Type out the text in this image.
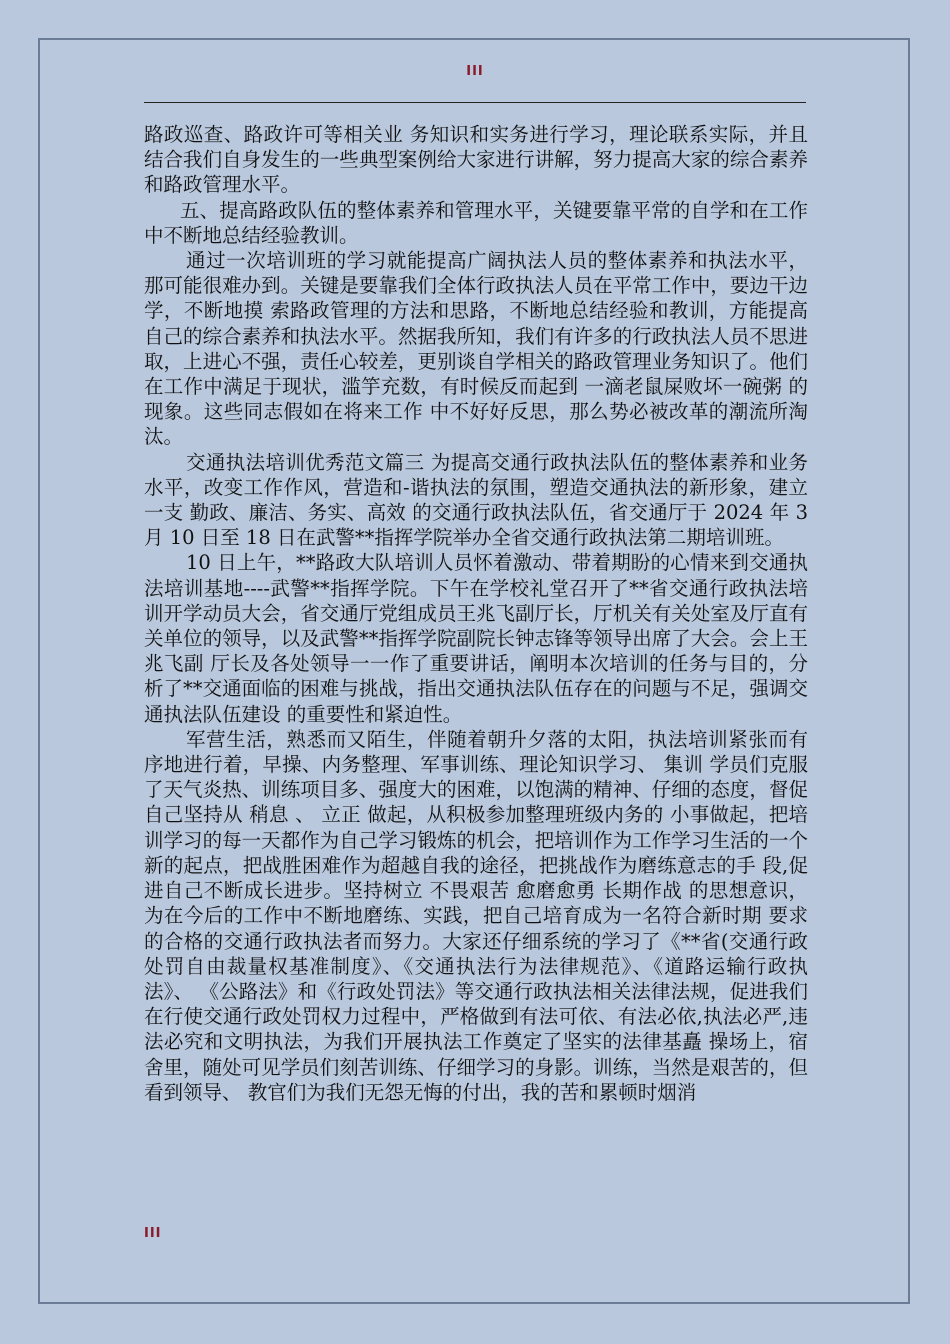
III

路政巡查、路政许可等相关业 务知识和实务进行学习，理论联系实际，并且结合我们自身发生的一些典型案例给大家进行讲解，努力提高大家的综合素养和路政管理水平。

五、提高路政队伍的整体素养和管理水平，关键要靠平常的自学和在工作中不断地总结经验教训。

通过一次培训班的学习就能提高广阔执法人员的整体素养和执法水平，那可能很难办到。关键是要靠我们全体行政执法人员在平常工作中，要边干边学，不断地摸 索路政管理的方法和思路，不断地总结经验和教训，方能提高自己的综合素养和执法水平。然据我所知，我们有许多的行政执法人员不思进取，上进心不强，责任心较差，更别谈自学相关的路政管理业务知识了。他们在工作中满足于现状，滥竽充数，有时候反而起到 一滴老鼠屎败坏一碗粥 的现象。这些同志假如在将来工作 中不好好反思，那么势必被改革的潮流所淘汰。

交通执法培训优秀范文篇三 为提高交通行政执法队伍的整体素养和业务水平，改变工作作风，营造和-谐执法的氛围，塑造交通执法的新形象，建立一支 勤政、廉洁、务实、高效 的交通行政执法队伍，省交通厅于 2024 年 3 月 10 日至 18 日在武警**指挥学院举办全省交通行政执法第二期培训班。

10 日上午，**路政大队培训人员怀着激动、带着期盼的心情来到交通执法培训基地----武警**指挥学院。下午在学校礼堂召开了**省交通行政执法培 训开学动员大会，省交通厅党组成员王兆飞副厅长，厅机关有关处室及厅直有关单位的领导，以及武警**指挥学院副院长钟志锋等领导出席了大会。会上王兆飞副 厅长及各处领导一一作了重要讲话，阐明本次培训的任务与目的，分析了**交通面临的困难与挑战，指出交通执法队伍存在的问题与不足，强调交通执法队伍建设 的重要性和紧迫性。

军营生活，熟悉而又陌生，伴随着朝升夕落的太阳，执法培训紧张而有序地进行着，早操、内务整理、军事训练、理论知识学习、 集训 学员们克服了天气炎热、训练项目多、强度大的困难，以饱满的精神、仔细的态度，督促自己坚持从 稍息 、 立正 做起，从积极参加整理班级内务的 小事做起，把培训学习的每一天都作为自己学习锻炼的机会，把培训作为工作学习生活的一个新的起点，把战胜困难作为超越自我的途径，把挑战作为磨练意志的手 段,促进自己不断成长进步。坚持树立 不畏艰苦 愈磨愈勇 长期作战 的思想意识，为在今后的工作中不断地磨练、实践，把自己培育成为一名符合新时期 要求的合格的交通行政执法者而努力。大家还仔细系统的学习了《**省(交通行政处罚自由裁量权基准制度》、《交通执法行为法律规范》、《道路运输行政执法》、 《公路法》和《行政处罚法》等交通行政执法相关法律法规，促进我们在行使交通行政处罚权力过程中，严格做到有法可依、有法必依,执法必严,违法必究和文明执法，为我们开展执法工作奠定了坚实的法律基矗 操场上，宿舍里，随处可见学员们刻苦训练、仔细学习的身影。训练，当然是艰苦的，但看到领导、 教官们为我们无怨无悔的付出，我的苦和累顿时烟消

III
